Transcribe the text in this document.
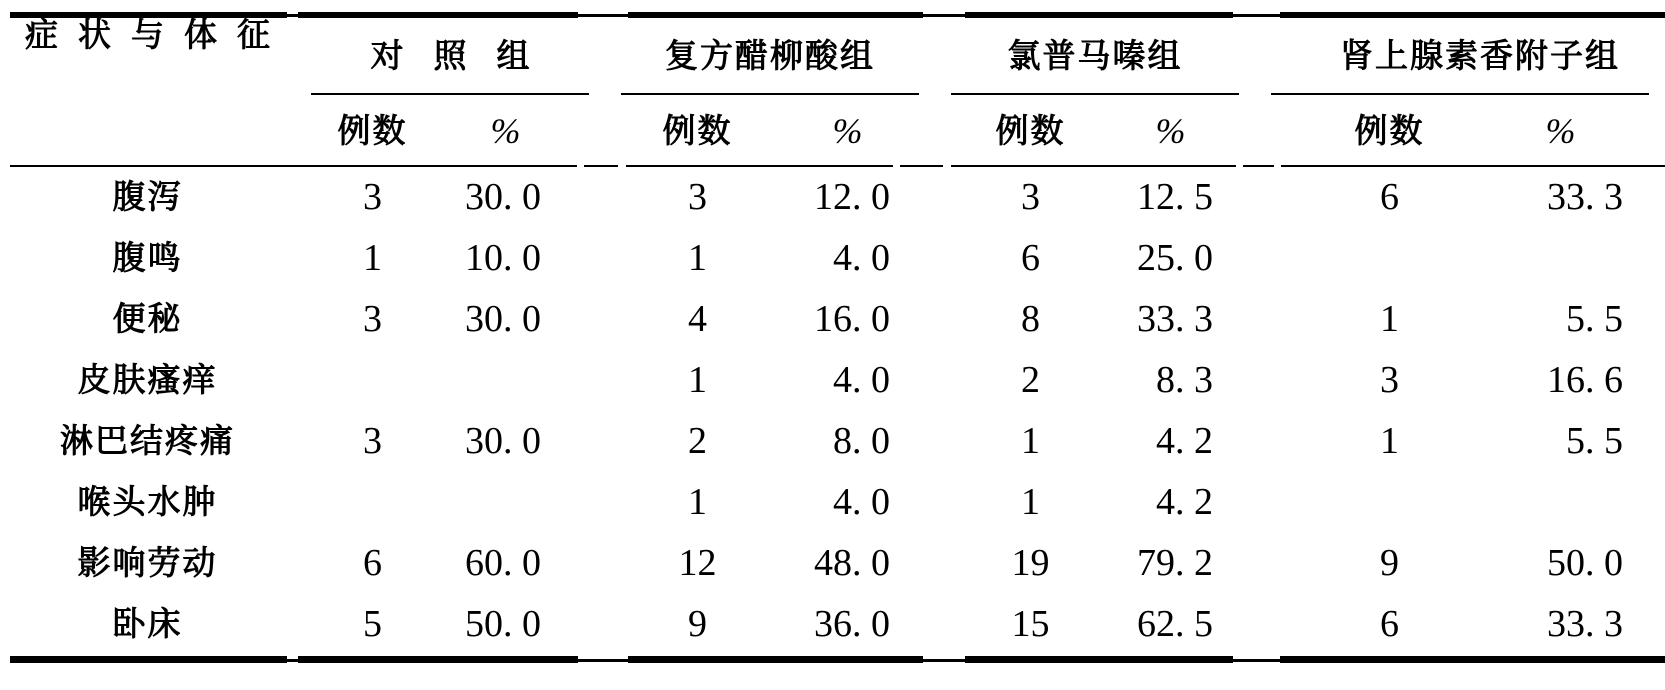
症状与体征	对照组		复方醋柳酸组		氯普马嗪组		肾上腺素香附子组	

	例数	%	例数	%	例数	%	例数	%
腹泻	3	30. 0	3	12. 0	3	12. 5	6	33. 3
腹鸣	1	10. 0	1	4. 0	6	25. 0		
便秘	3	30. 0	4	16. 0	8	33. 3	1	5. 5
皮肤瘙痒			1	4. 0	2	8. 3	3	16. 6
淋巴结疼痛	3	30. 0	2	8. 0	1	4. 2	1	5. 5
喉头水肿			1	4. 0	1	4. 2		
影响劳动	6	60. 0	12	48. 0	19	79. 2	9	50. 0
卧床	5	50. 0	9	36. 0	15	62. 5	6	33. 3
